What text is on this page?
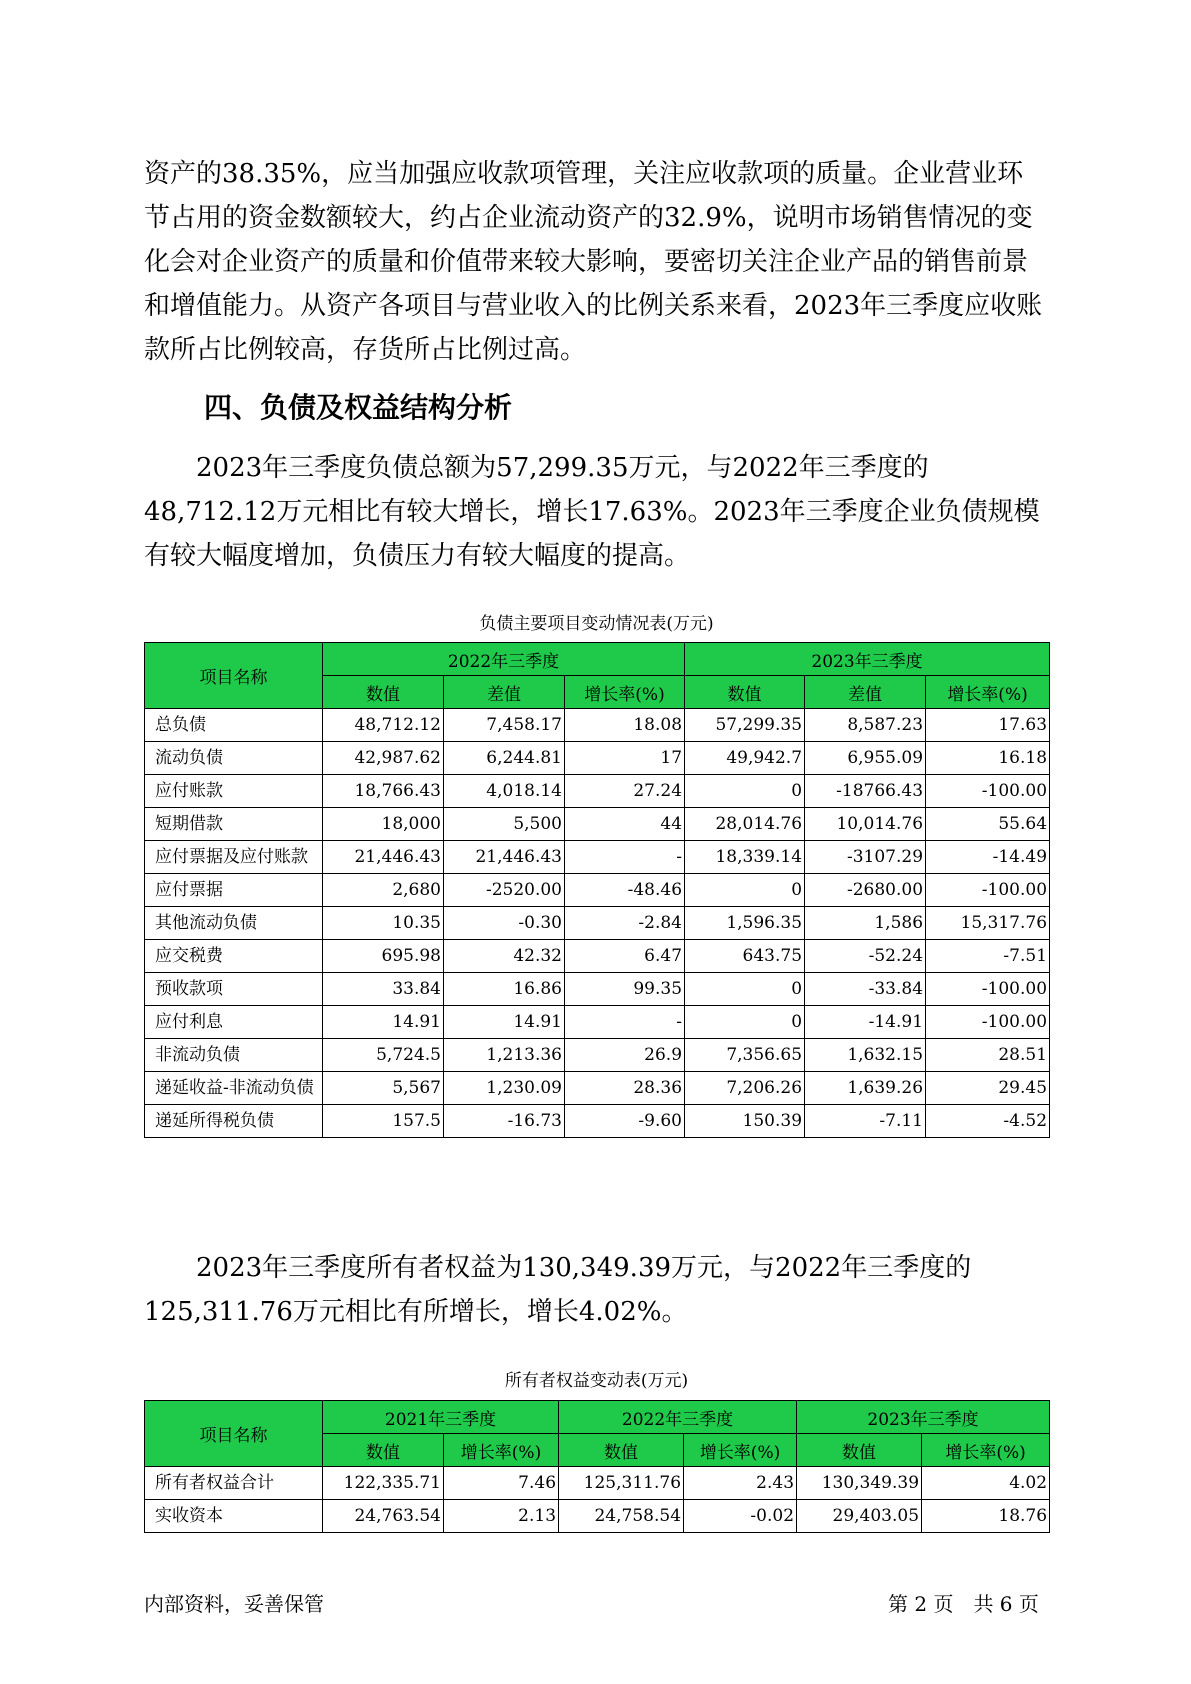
资产的38.35%，应当加强应收款项管理，关注应收款项的质量。企业营业环节占用的资金数额较大，约占企业流动资产的32.9%，说明市场销售情况的变化会对企业资产的质量和价值带来较大影响，要密切关注企业产品的销售前景和增值能力。从资产各项目与营业收入的比例关系来看，2023年三季度应收账款所占比例较高，存货所占比例过高。

四、负债及权益结构分析

2023年三季度负债总额为57,299.35万元，与2022年三季度的48,712.12万元相比有较大增长，增长17.63%。2023年三季度企业负债规模有较大幅度增加，负债压力有较大幅度的提高。

负债主要项目变动情况表(万元)

项目名称	2022年三季度			2023年三季度		
	数值	差值	增长率(%)	数值	差值	增长率(%)
总负债	48,712.12	7,458.17	18.08	57,299.35	8,587.23	17.63
流动负债	42,987.62	6,244.81	17	49,942.7	6,955.09	16.18
应付账款	18,766.43	4,018.14	27.24	0	-18766.43	-100.00
短期借款	18,000	5,500	44	28,014.76	10,014.76	55.64
应付票据及应付账款	21,446.43	21,446.43	-	18,339.14	-3107.29	-14.49
应付票据	2,680	-2520.00	-48.46	0	-2680.00	-100.00
其他流动负债	10.35	-0.30	-2.84	1,596.35	1,586	15,317.76
应交税费	695.98	42.32	6.47	643.75	-52.24	-7.51
预收款项	33.84	16.86	99.35	0	-33.84	-100.00
应付利息	14.91	14.91	-	0	-14.91	-100.00
非流动负债	5,724.5	1,213.36	26.9	7,356.65	1,632.15	28.51
递延收益-非流动负债	5,567	1,230.09	28.36	7,206.26	1,639.26	29.45
递延所得税负债	157.5	-16.73	-9.60	150.39	-7.11	-4.52

2023年三季度所有者权益为130,349.39万元，与2022年三季度的125,311.76万元相比有所增长，增长4.02%。

所有者权益变动表(万元)

项目名称	2021年三季度		2022年三季度		2023年三季度	
	数值	增长率(%)	数值	增长率(%)	数值	增长率(%)
所有者权益合计	122,335.71	7.46	125,311.76	2.43	130,349.39	4.02
实收资本	24,763.54	2.13	24,758.54	-0.02	29,403.05	18.76

内部资料，妥善保管	第 2 页　共 6 页
